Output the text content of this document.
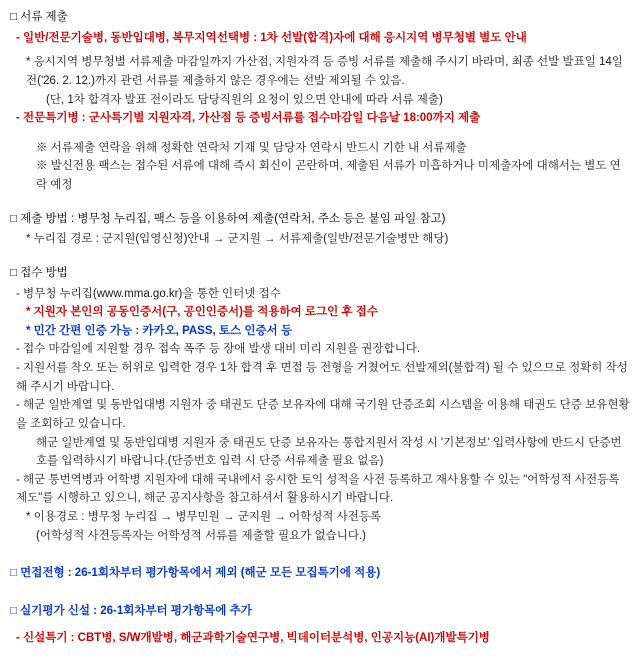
□ 서류 제출
- 일반/전문기술병, 동반입대병, 복무지역선택병 : 1차 선발(합격)자에 대해 응시지역 병무청별 별도 안내
* 응시지역 병무청별 서류제출 마감일까지 가산점, 지원자격 등 증빙 서류를 제출해 주시기 바라며, 최종 선발 발표일 14일 전('26. 2. 12.)까지 관련 서류를 제출하지 않은 경우에는 선발 제외될 수 있음.
(단, 1차 합격자 발표 전이라도 담당직원의 요청이 있으면 안내에 따라 서류 제출)
- 전문특기병 : 군사특기별 지원자격, 가산점 등 증빙서류를 접수마감일 다음날 18:00까지 제출
※ 서류제출 연락을 위해 정확한 연락처 기재 및 담당자 연락시 반드시 기한 내 서류제출
※ 발신전용 팩스는 접수된 서류에 대해 즉시 회신이 곤란하며, 제출된 서류가 미흡하거나 미제출자에 대해서는 별도 연락 예정
□ 제출 방법 : 병무청 누리집, 팩스 등을 이용하여 제출(연락처, 주소 등은 붙임 파일 참고)
* 누리집 경로 : 군지원(입영신청)안내 → 군지원 → 서류제출(일반/전문기술병만 해당)
□ 접수 방법
- 병무청 누리집(www.mma.go.kr)을 통한 인터넷 접수
* 지원자 본인의 공동인증서(구, 공인인증서)를 적용하여 로그인 후 접수
* 민간 간편 인증 가능 : 카카오, PASS, 토스 인증서 등
- 접수 마감일에 지원할 경우 접속 폭주 등 장애 발생 대비 미리 지원을 권장합니다.
- 지원서를 착오 또는 허위로 입력한 경우 1차 합격 후 면접 등 전형을 거쳤어도 선발제외(불합격) 될 수 있으므로 정확히 작성해 주시기 바랍니다.
- 해군 일반계열 및 동반입대병 지원자 중 태권도 단증 보유자에 대해 국기원 단증조회 시스템을 이용해 태권도 단증 보유현황을 조회하고 있습니다.
해군 일반계열 및 동반입대병 지원자 중 태권도 단증 보유자는 통합지원서 작성 시 '기본정보' 입력사항에 반드시 단증번호를 입력하시기 바랍니다.(단증번호 입력 시 단증 서류제출 필요 없음)
- 해군 통번역병과 어학병 지원자에 대해 국내에서 응시한 토익 성적을 사전 등록하고 재사용할 수 있는 "어학성적 사전등록제도"를 시행하고 있으니, 해군 공지사항을 참고하셔서 활용하시기 바랍니다.
* 이용경로 : 병무청 누리집 → 병무민원 → 군지원 → 어학성적 사전등록
(어학성적 사전등록자는 어학성적 서류를 제출할 필요가 없습니다.)
□ 면접전형 : 26-1회차부터 평가항목에서 제외 (해군 모든 모집특기에 적용)
□ 실기평가 신설 : 26-1회차부터 평가항목에 추가
- 신설특기 : CBT병, S/W개발병, 해군과학기술연구병, 빅데이터분석병, 인공지능(AI)개발특기병
